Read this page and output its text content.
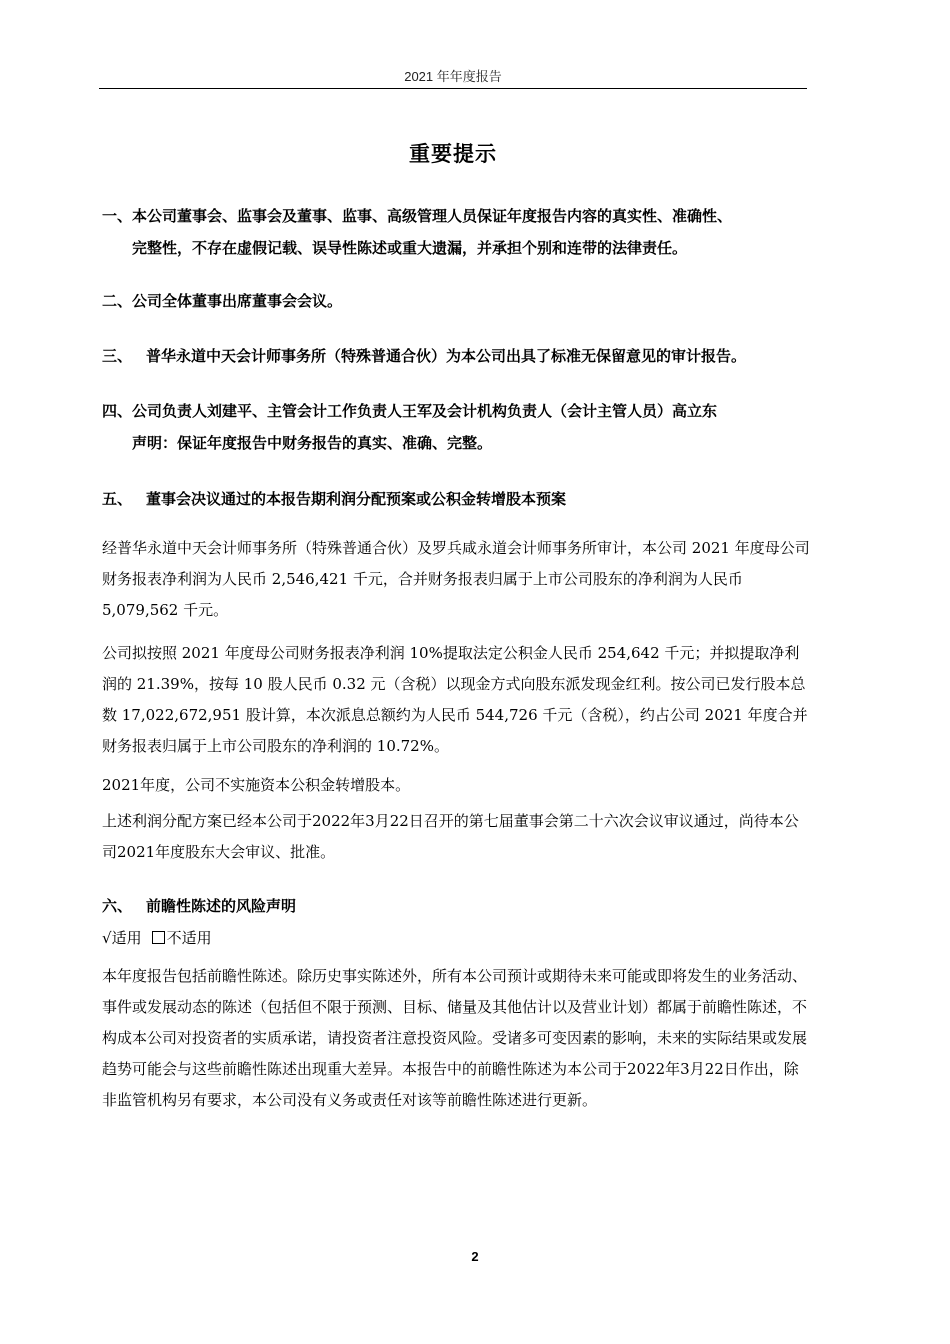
2021 年年度报告
重要提示
一、本公司董事会、监事会及董事、监事、高级管理人员保证年度报告内容的真实性、准确性、
完整性，不存在虚假记载、误导性陈述或重大遗漏，并承担个别和连带的法律责任。
二、公司全体董事出席董事会会议。
三、 普华永道中天会计师事务所（特殊普通合伙）为本公司出具了标准无保留意见的审计报告。
四、公司负责人刘建平、主管会计工作负责人王军及会计机构负责人（会计主管人员）高立东
声明：保证年度报告中财务报告的真实、准确、完整。
五、 董事会决议通过的本报告期利润分配预案或公积金转增股本预案
经普华永道中天会计师事务所（特殊普通合伙）及罗兵咸永道会计师事务所审计，本公司 2021 年度母公司财务报表净利润为人民币 2,546,421 千元，合并财务报表归属于上市公司股东的净利润为人民币 5,079,562 千元。
公司拟按照 2021 年度母公司财务报表净利润 10%提取法定公积金人民币 254,642 千元；并拟提取净利润的 21.39%，按每 10 股人民币 0.32 元（含税）以现金方式向股东派发现金红利。按公司已发行股本总数 17,022,672,951 股计算，本次派息总额约为人民币 544,726 千元（含税），约占公司 2021 年度合并财务报表归属于上市公司股东的净利润的 10.72%。
2021年度，公司不实施资本公积金转增股本。
上述利润分配方案已经本公司于2022年3月22日召开的第七届董事会第二十六次会议审议通过，尚待本公司2021年度股东大会审议、批准。
六、 前瞻性陈述的风险声明
√适用 不适用
本年度报告包括前瞻性陈述。除历史事实陈述外，所有本公司预计或期待未来可能或即将发生的业务活动、事件或发展动态的陈述（包括但不限于预测、目标、储量及其他估计以及营业计划）都属于前瞻性陈述，不构成本公司对投资者的实质承诺，请投资者注意投资风险。受诸多可变因素的影响，未来的实际结果或发展趋势可能会与这些前瞻性陈述出现重大差异。本报告中的前瞻性陈述为本公司于2022年3月22日作出，除非监管机构另有要求，本公司没有义务或责任对该等前瞻性陈述进行更新。
2
